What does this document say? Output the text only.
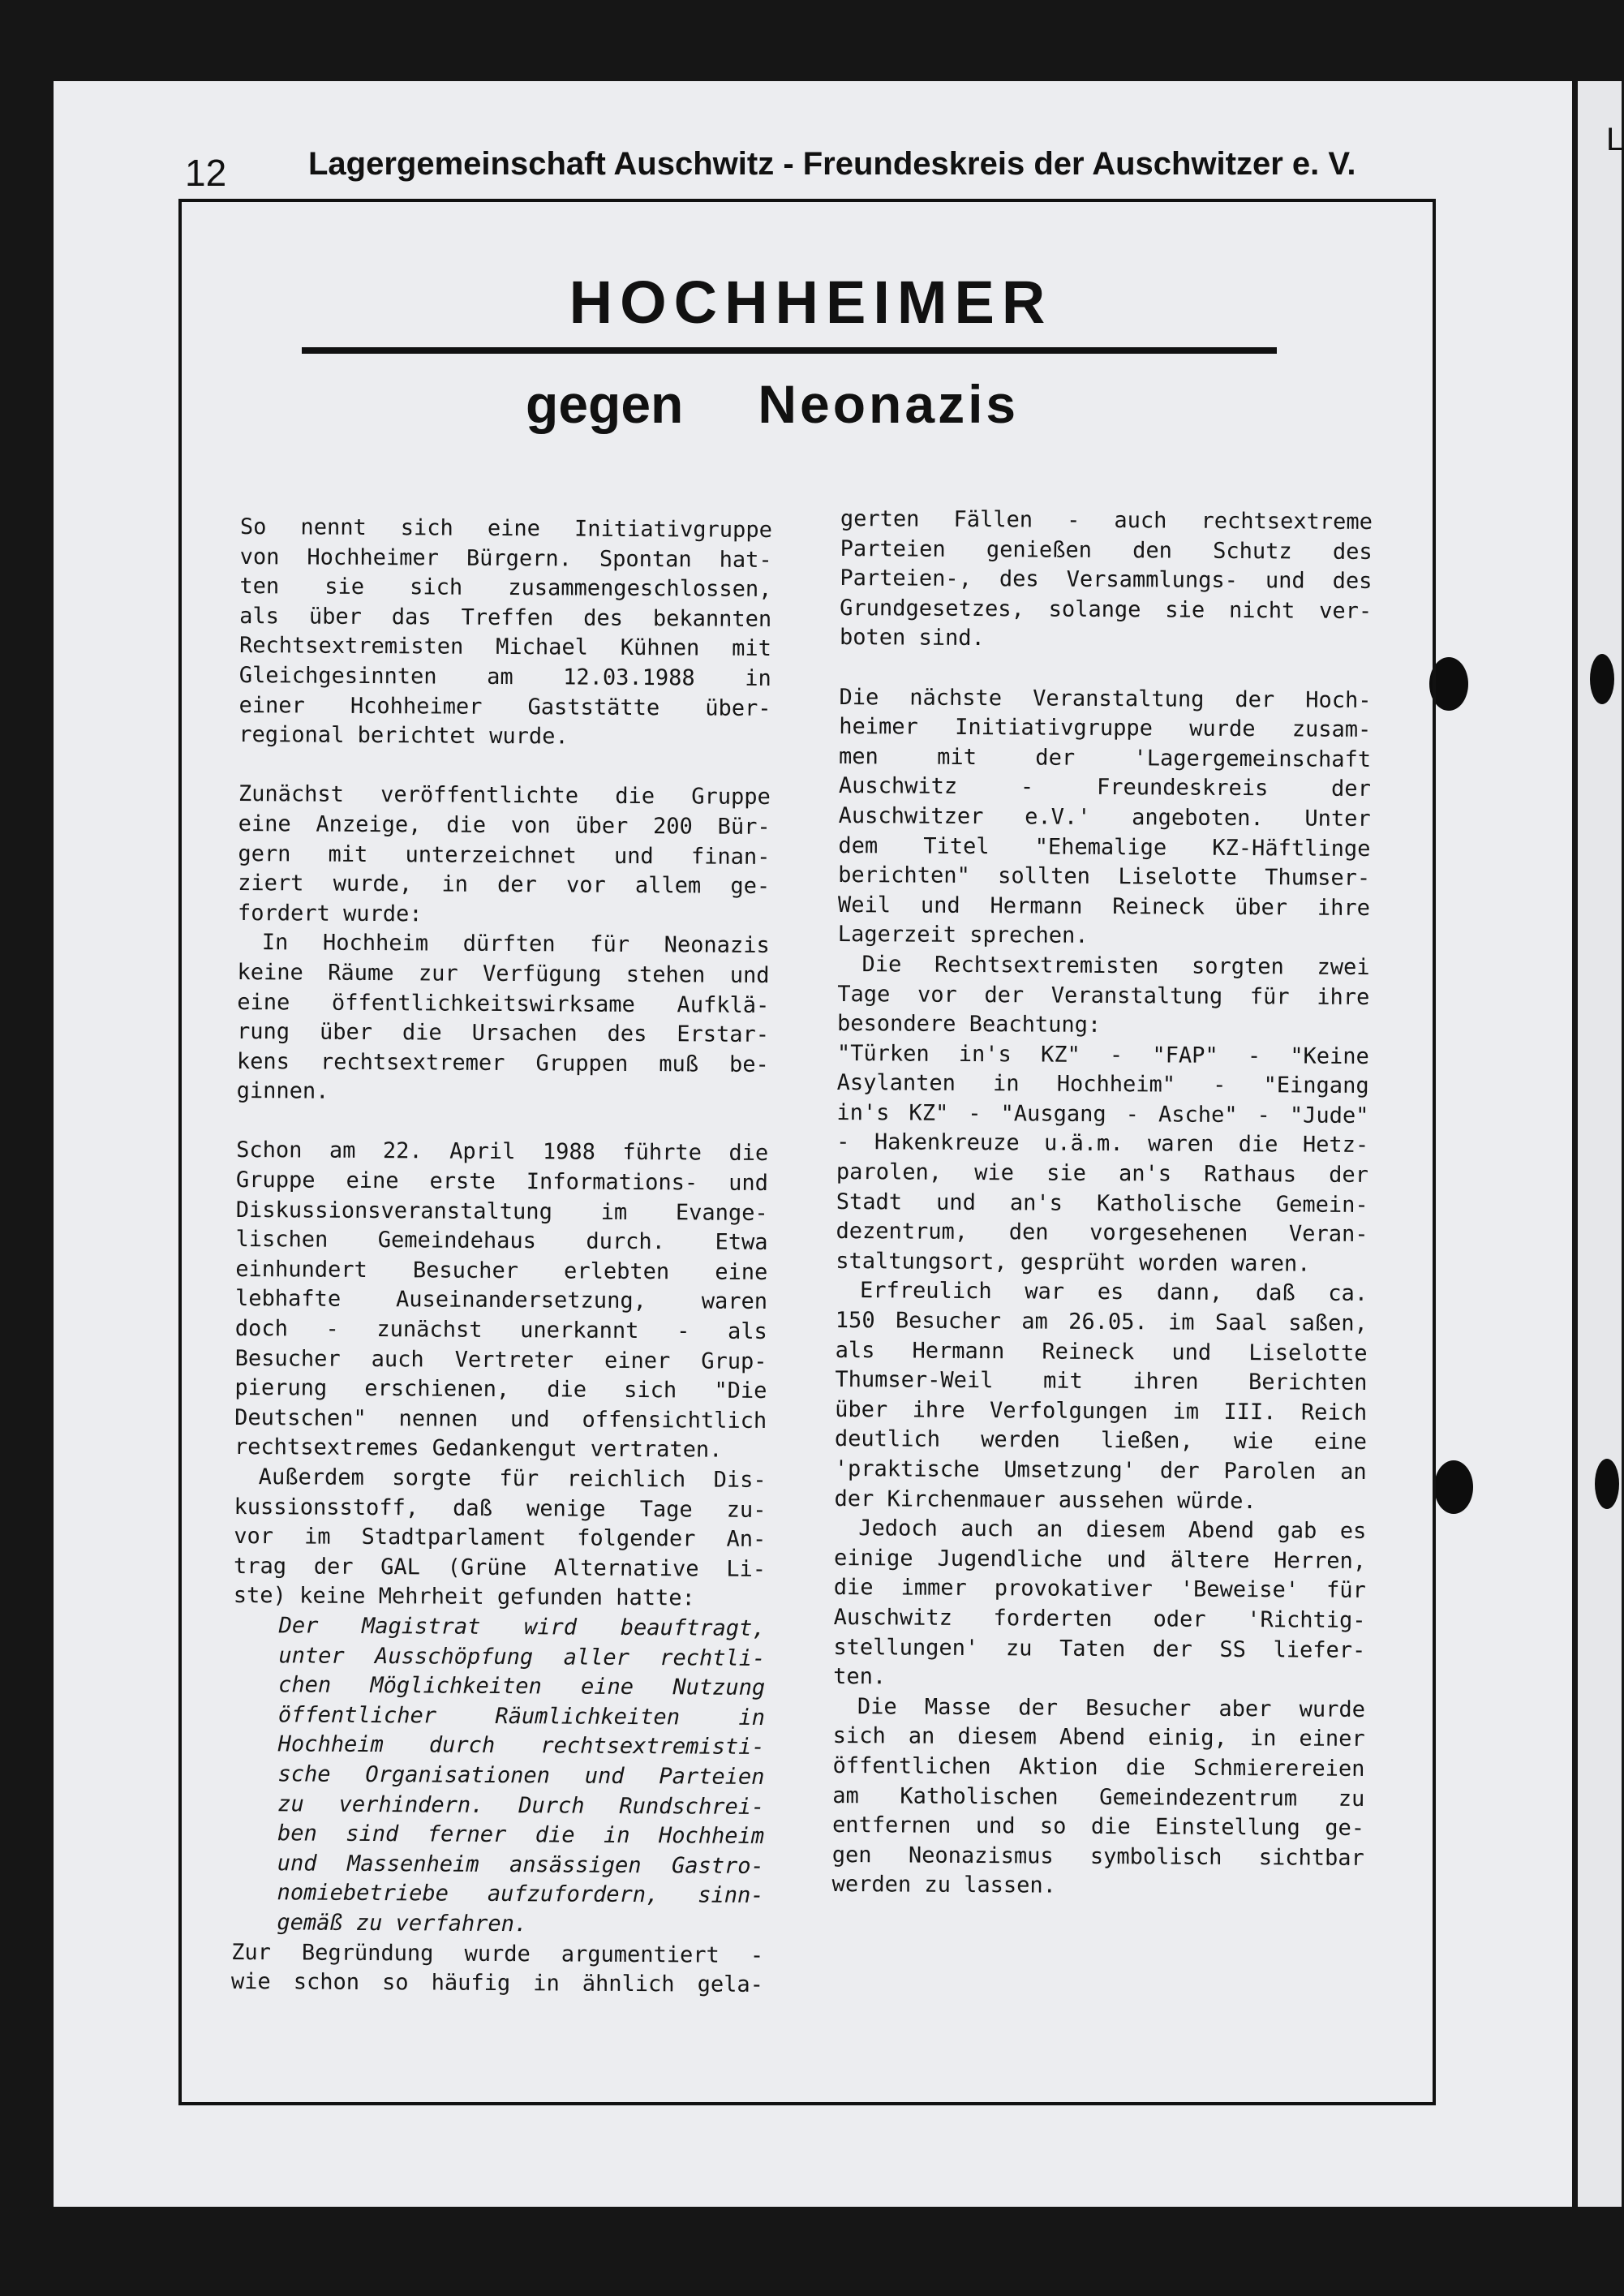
L
12	Lagergemeinschaft Auschwitz - Freundeskreis der Auschwitzer e. V.
HOCHHEIMER
gegen Neonazis
So nennt sich eine Initiativgruppe
von Hochheimer Bürgern. Spontan hat-
ten sie sich zusammengeschlossen,
als über das Treffen des bekannten
Rechtsextremisten Michael Kühnen mit
Gleichgesinnten am 12.03.1988 in
einer Hcohheimer Gaststätte über-
regional berichtet wurde.
Zunächst veröffentlichte die Gruppe
eine Anzeige, die von über 200 Bür-
gern mit unterzeichnet und finan-
ziert wurde, in der vor allem ge-
fordert wurde:
In Hochheim dürften für Neonazis
keine Räume zur Verfügung stehen und
eine öffentlichkeitswirksame Aufklä-
rung über die Ursachen des Erstar-
kens rechtsextremer Gruppen muß be-
ginnen.
Schon am 22. April 1988 führte die
Gruppe eine erste Informations- und
Diskussionsveranstaltung im Evange-
lischen Gemeindehaus durch. Etwa
einhundert Besucher erlebten eine
lebhafte Auseinandersetzung, waren
doch - zunächst unerkannt - als
Besucher auch Vertreter einer Grup-
pierung erschienen, die sich "Die
Deutschen" nennen und offensichtlich
rechtsextremes Gedankengut vertraten.
Außerdem sorgte für reichlich Dis-
kussionsstoff, daß wenige Tage zu-
vor im Stadtparlament folgender An-
trag der GAL (Grüne Alternative Li-
ste) keine Mehrheit gefunden hatte:
Der Magistrat wird beauftragt,
unter Ausschöpfung aller rechtli-
chen Möglichkeiten eine Nutzung
öffentlicher Räumlichkeiten in
Hochheim durch rechtsextremisti-
sche Organisationen und Parteien
zu verhindern. Durch Rundschrei-
ben sind ferner die in Hochheim
und Massenheim ansässigen Gastro-
nomiebetriebe aufzufordern, sinn-
gemäß zu verfahren.
Zur Begründung wurde argumentiert -
wie schon so häufig in ähnlich gela-
gerten Fällen - auch rechtsextreme
Parteien genießen den Schutz des
Parteien-, des Versammlungs- und des
Grundgesetzes, solange sie nicht ver-
boten sind.
Die nächste Veranstaltung der Hoch-
heimer Initiativgruppe wurde zusam-
men mit der 'Lagergemeinschaft
Auschwitz - Freundeskreis der
Auschwitzer e.V.' angeboten. Unter
dem Titel "Ehemalige KZ-Häftlinge
berichten" sollten Liselotte Thumser-
Weil und Hermann Reineck über ihre
Lagerzeit sprechen.
Die Rechtsextremisten sorgten zwei
Tage vor der Veranstaltung für ihre
besondere Beachtung:
"Türken in's KZ" - "FAP" - "Keine
Asylanten in Hochheim" - "Eingang
in's KZ" - "Ausgang - Asche" - "Jude"
- Hakenkreuze u.ä.m. waren die Hetz-
parolen, wie sie an's Rathaus der
Stadt und an's Katholische Gemein-
dezentrum, den vorgesehenen Veran-
staltungsort, gesprüht worden waren.
Erfreulich war es dann, daß ca.
150 Besucher am 26.05. im Saal saßen,
als Hermann Reineck und Liselotte
Thumser-Weil mit ihren Berichten
über ihre Verfolgungen im III. Reich
deutlich werden ließen, wie eine
'praktische Umsetzung' der Parolen an
der Kirchenmauer aussehen würde.
Jedoch auch an diesem Abend gab es
einige Jugendliche und ältere Herren,
die immer provokativer 'Beweise' für
Auschwitz forderten oder 'Richtig-
stellungen' zu Taten der SS liefer-
ten.
Die Masse der Besucher aber wurde
sich an diesem Abend einig, in einer
öffentlichen Aktion die Schmierereien
am Katholischen Gemeindezentrum zu
entfernen und so die Einstellung ge-
gen Neonazismus symbolisch sichtbar
werden zu lassen.
